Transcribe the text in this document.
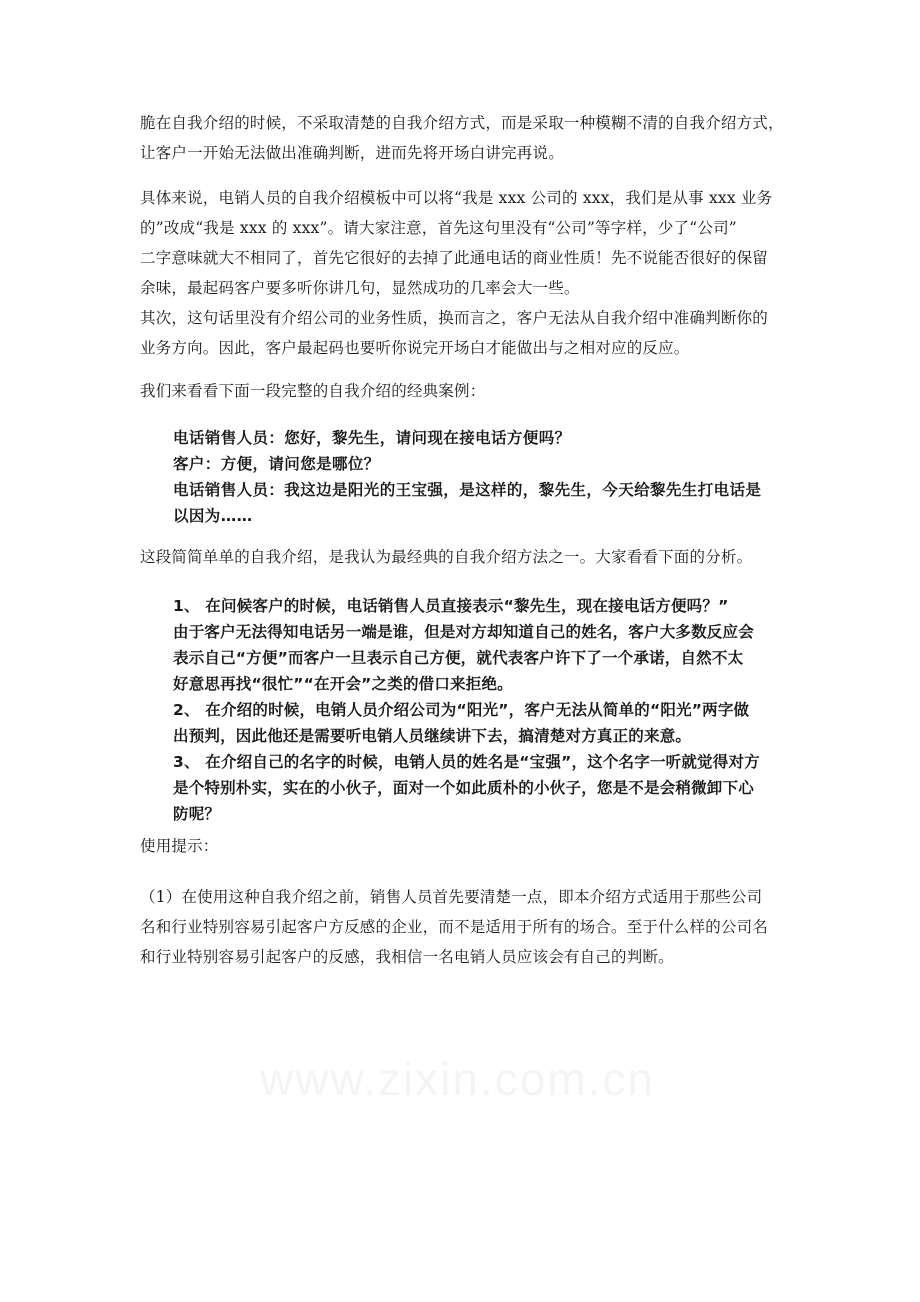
脆在自我介绍的时候，不采取清楚的自我介绍方式，而是采取一种模糊不清的自我介绍方式，
让客户一开始无法做出准确判断，进而先将开场白讲完再说。

具体来说，电销人员的自我介绍模板中可以将“我是 xxx 公司的 xxx，我们是从事 xxx 业务
的”改成“我是 xxx 的 xxx”。请大家注意，首先这句里没有“公司”等字样，少了“公司”
二字意味就大不相同了，首先它很好的去掉了此通电话的商业性质！先不说能否很好的保留
余味，最起码客户要多听你讲几句，显然成功的几率会大一些。

其次，这句话里没有介绍公司的业务性质，换而言之，客户无法从自我介绍中准确判断你的
业务方向。因此，客户最起码也要听你说完开场白才能做出与之相对应的反应。

我们来看看下面一段完整的自我介绍的经典案例：

电话销售人员：您好，黎先生，请问现在接电话方便吗？
客户：方便，请问您是哪位？
电话销售人员：我这边是阳光的王宝强，是这样的，黎先生，今天给黎先生打电话是
以因为……

这段简简单单的自我介绍，是我认为最经典的自我介绍方法之一。大家看看下面的分析。

1、 在问候客户的时候，电话销售人员直接表示“黎先生，现在接电话方便吗？”
由于客户无法得知电话另一端是谁，但是对方却知道自己的姓名，客户大多数反应会
表示自己“方便”而客户一旦表示自己方便，就代表客户许下了一个承诺，自然不太
好意思再找“很忙”“在开会”之类的借口来拒绝。
2、 在介绍的时候，电销人员介绍公司为“阳光”，客户无法从简单的“阳光”两字做
出预判，因此他还是需要听电销人员继续讲下去，搞清楚对方真正的来意。
3、 在介绍自己的名字的时候，电销人员的姓名是“宝强”，这个名字一听就觉得对方
是个特别朴实，实在的小伙子，面对一个如此质朴的小伙子，您是不是会稍微卸下心
防呢？

使用提示：

（1）在使用这种自我介绍之前，销售人员首先要清楚一点，即本介绍方式适用于那些公司
名和行业特别容易引起客户方反感的企业，而不是适用于所有的场合。至于什么样的公司名
和行业特别容易引起客户的反感，我相信一名电销人员应该会有自己的判断。

www.zixin.com.cn
